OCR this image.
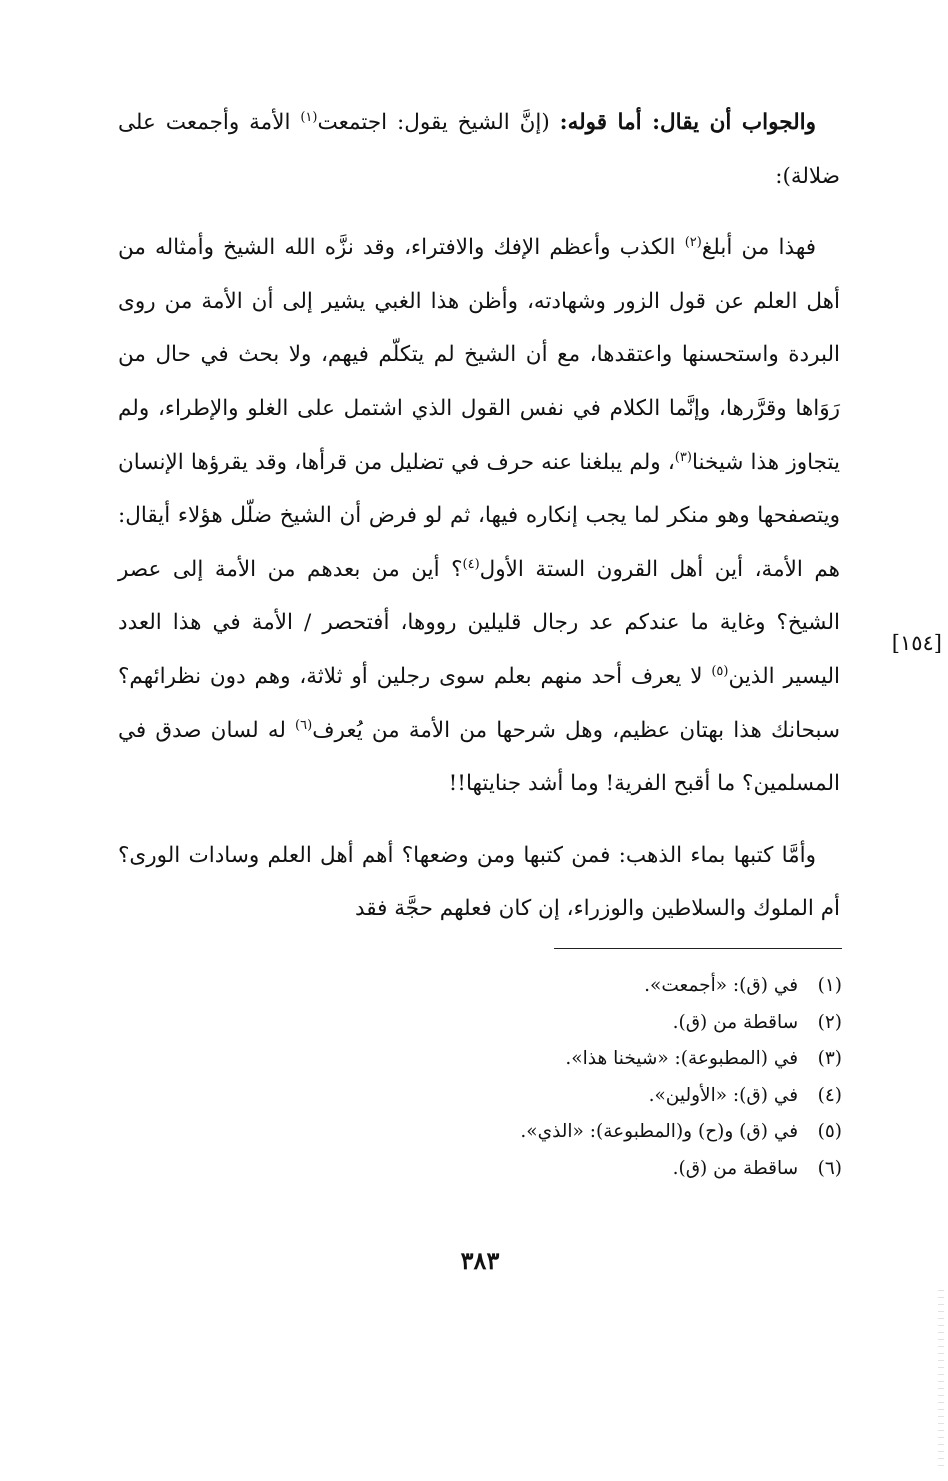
والجواب أن يقال: أما قوله: (إنَّ الشيخ يقول: اجتمعت$^{(١)}$ الأمة وأجمعت على ضلالة):

فهذا من أبلغ$^{(٢)}$ الكذب وأعظم الإفك والافتراء، وقد نزَّه الله الشيخ وأمثاله من أهل العلم عن قول الزور وشهادته، وأظن هذا الغبي يشير إلى أن الأمة من روى البردة واستحسنها واعتقدها، مع أن الشيخ لم يتكلّم فيهم، ولا بحث في حال من رَوَاها وقرَّرها، وإنَّما الكلام في نفس القول الذي اشتمل على الغلو والإطراء، ولم يتجاوز هذا شيخنا$^{(٣)}$، ولم يبلغنا عنه حرف في تضليل من قرأها، وقد يقرؤها الإنسان ويتصفحها وهو منكر لما يجب إنكاره فيها، ثم لو فرض أن الشيخ ضلّل هؤلاء أيقال: هم الأمة، أين أهل القرون الستة الأول$^{(٤)}$؟ أين من بعدهم من الأمة إلى عصر الشيخ؟ وغاية ما عندكم عد رجال قليلين رووها، أفتحصر / الأمة في هذا العدد اليسير الذين$^{(٥)}$ لا يعرف أحد منهم بعلم سوى رجلين أو ثلاثة، وهم دون نظرائهم؟ سبحانك هذا بهتان عظيم، وهل شرحها من الأمة من يُعرف$^{(٦)}$ له لسان صدق في المسلمين؟ ما أقبح الفرية! وما أشد جنايتها!!

وأمَّا كتبها بماء الذهب: فمن كتبها ومن وضعها؟ أهم أهل العلم وسادات الورى؟ أم الملوك والسلاطين والوزراء، إن كان فعلهم حجَّة فقد

[١٥٤]
(١) في (ق): «أجمعت».
(٢) ساقطة من (ق).
(٣) في (المطبوعة): «شيخنا هذا».
(٤) في (ق): «الأولين».
(٥) في (ق) و(ح) و(المطبوعة): «الذي».
(٦) ساقطة من (ق).
٣٨٣
